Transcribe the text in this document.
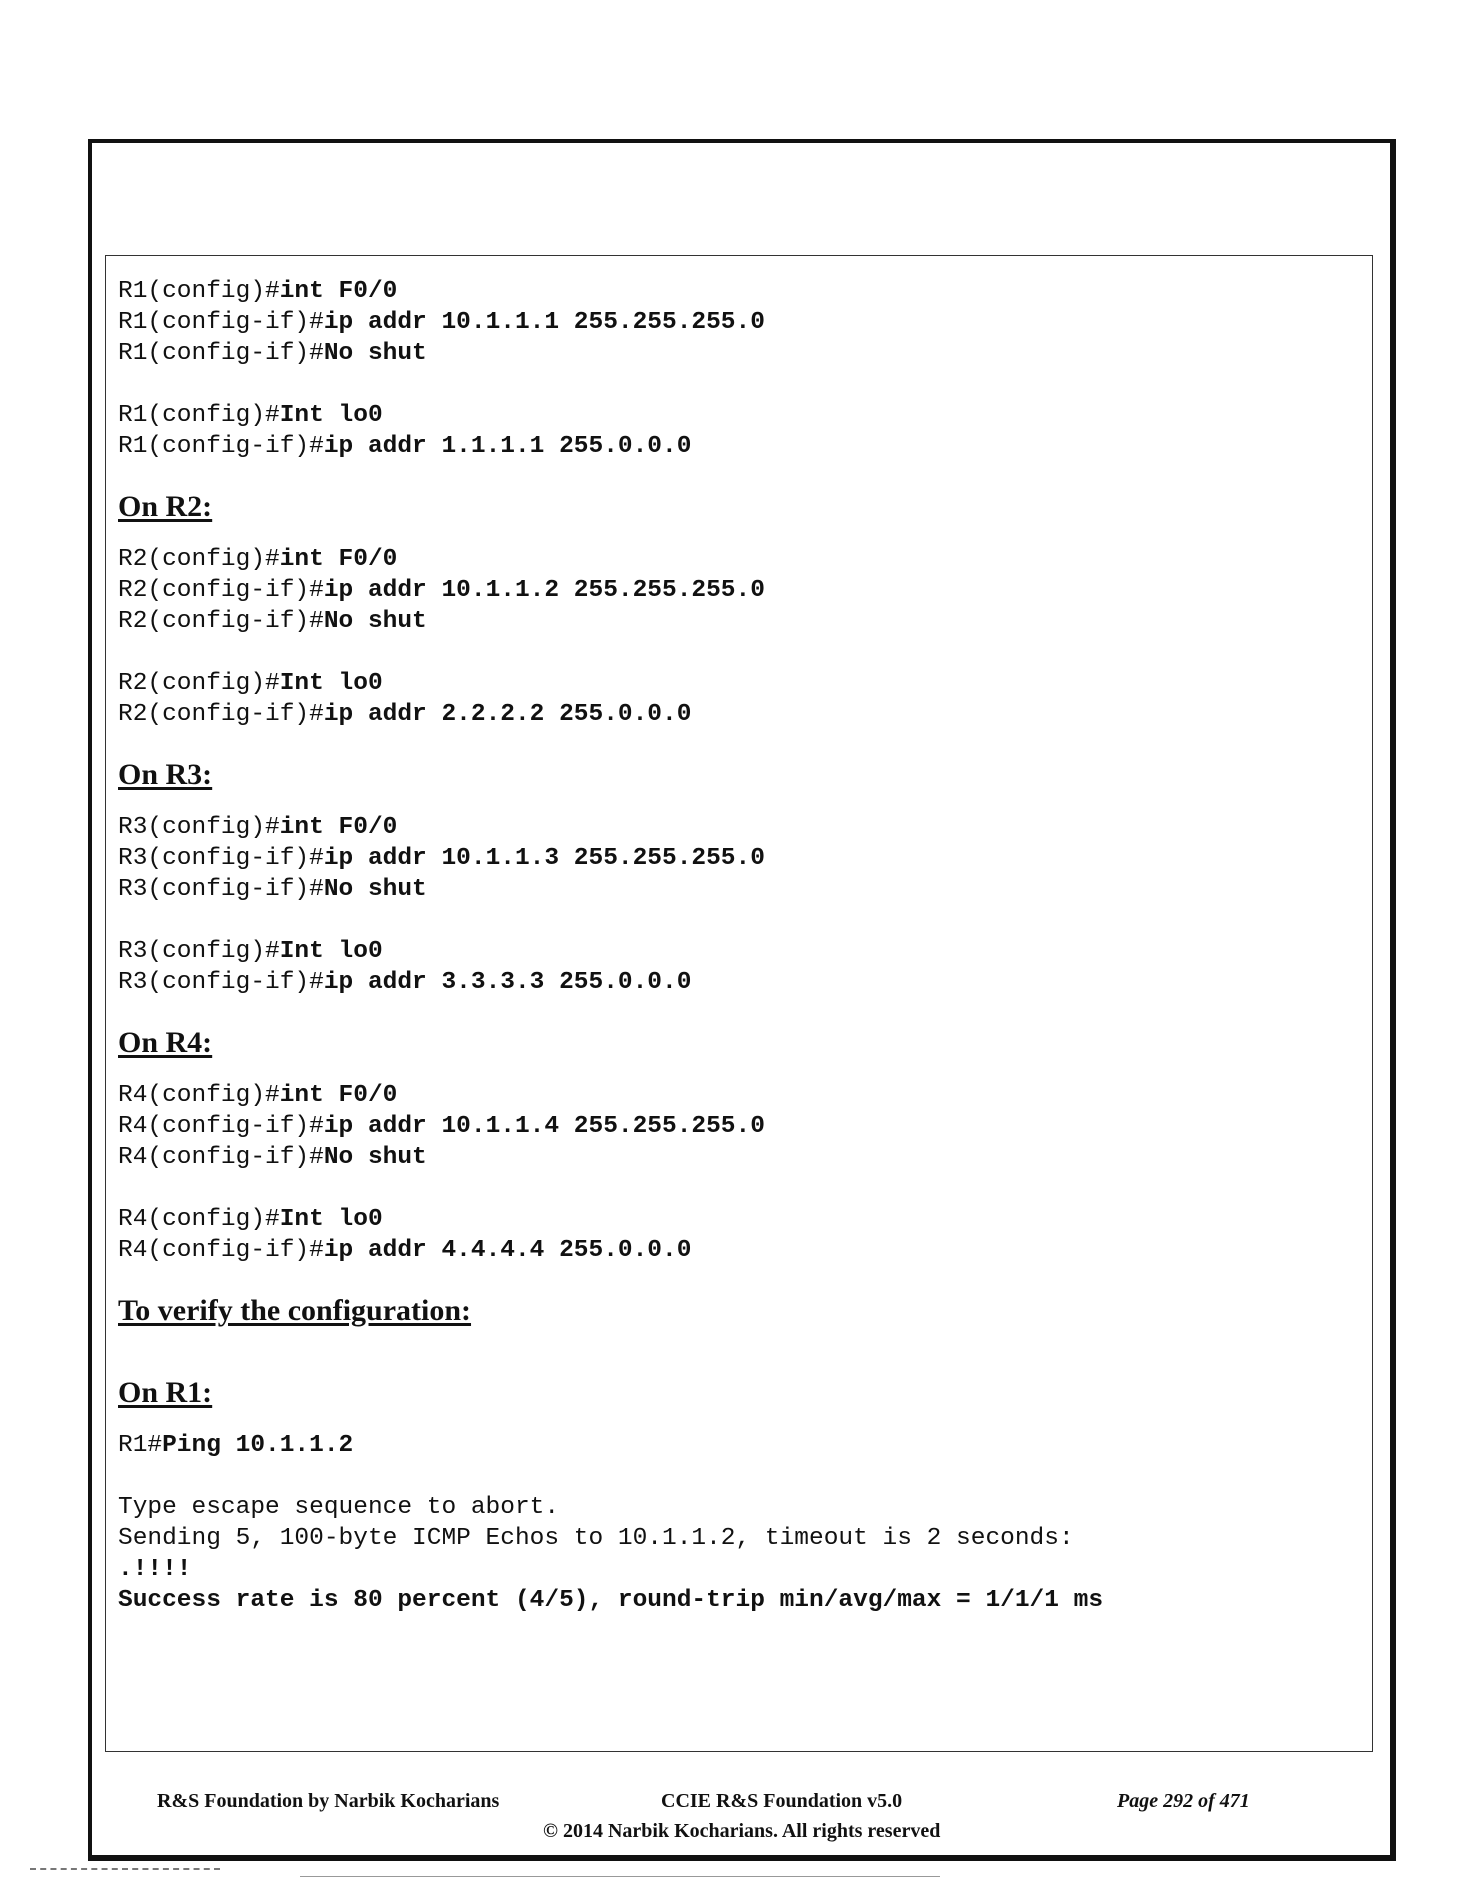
R1(config)#int F0/0
R1(config-if)#ip addr 10.1.1.1 255.255.255.0
R1(config-if)#No shut
R1(config)#Int lo0
R1(config-if)#ip addr 1.1.1.1 255.0.0.0
On R2:
R2(config)#int F0/0
R2(config-if)#ip addr 10.1.1.2 255.255.255.0
R2(config-if)#No shut
R2(config)#Int lo0
R2(config-if)#ip addr 2.2.2.2 255.0.0.0
On R3:
R3(config)#int F0/0
R3(config-if)#ip addr 10.1.1.3 255.255.255.0
R3(config-if)#No shut
R3(config)#Int lo0
R3(config-if)#ip addr 3.3.3.3 255.0.0.0
On R4:
R4(config)#int F0/0
R4(config-if)#ip addr 10.1.1.4 255.255.255.0
R4(config-if)#No shut
R4(config)#Int lo0
R4(config-if)#ip addr 4.4.4.4 255.0.0.0
To verify the configuration:
On R1:
R1#Ping 10.1.1.2
Type escape sequence to abort.
Sending 5, 100-byte ICMP Echos to 10.1.1.2, timeout is 2 seconds:
.!!!!
Success rate is 80 percent (4/5), round-trip min/avg/max = 1/1/1 ms
R&S Foundation by Narbik Kocharians	CCIE R&S Foundation v5.0	Page 292 of 471
© 2014 Narbik Kocharians. All rights reserved
